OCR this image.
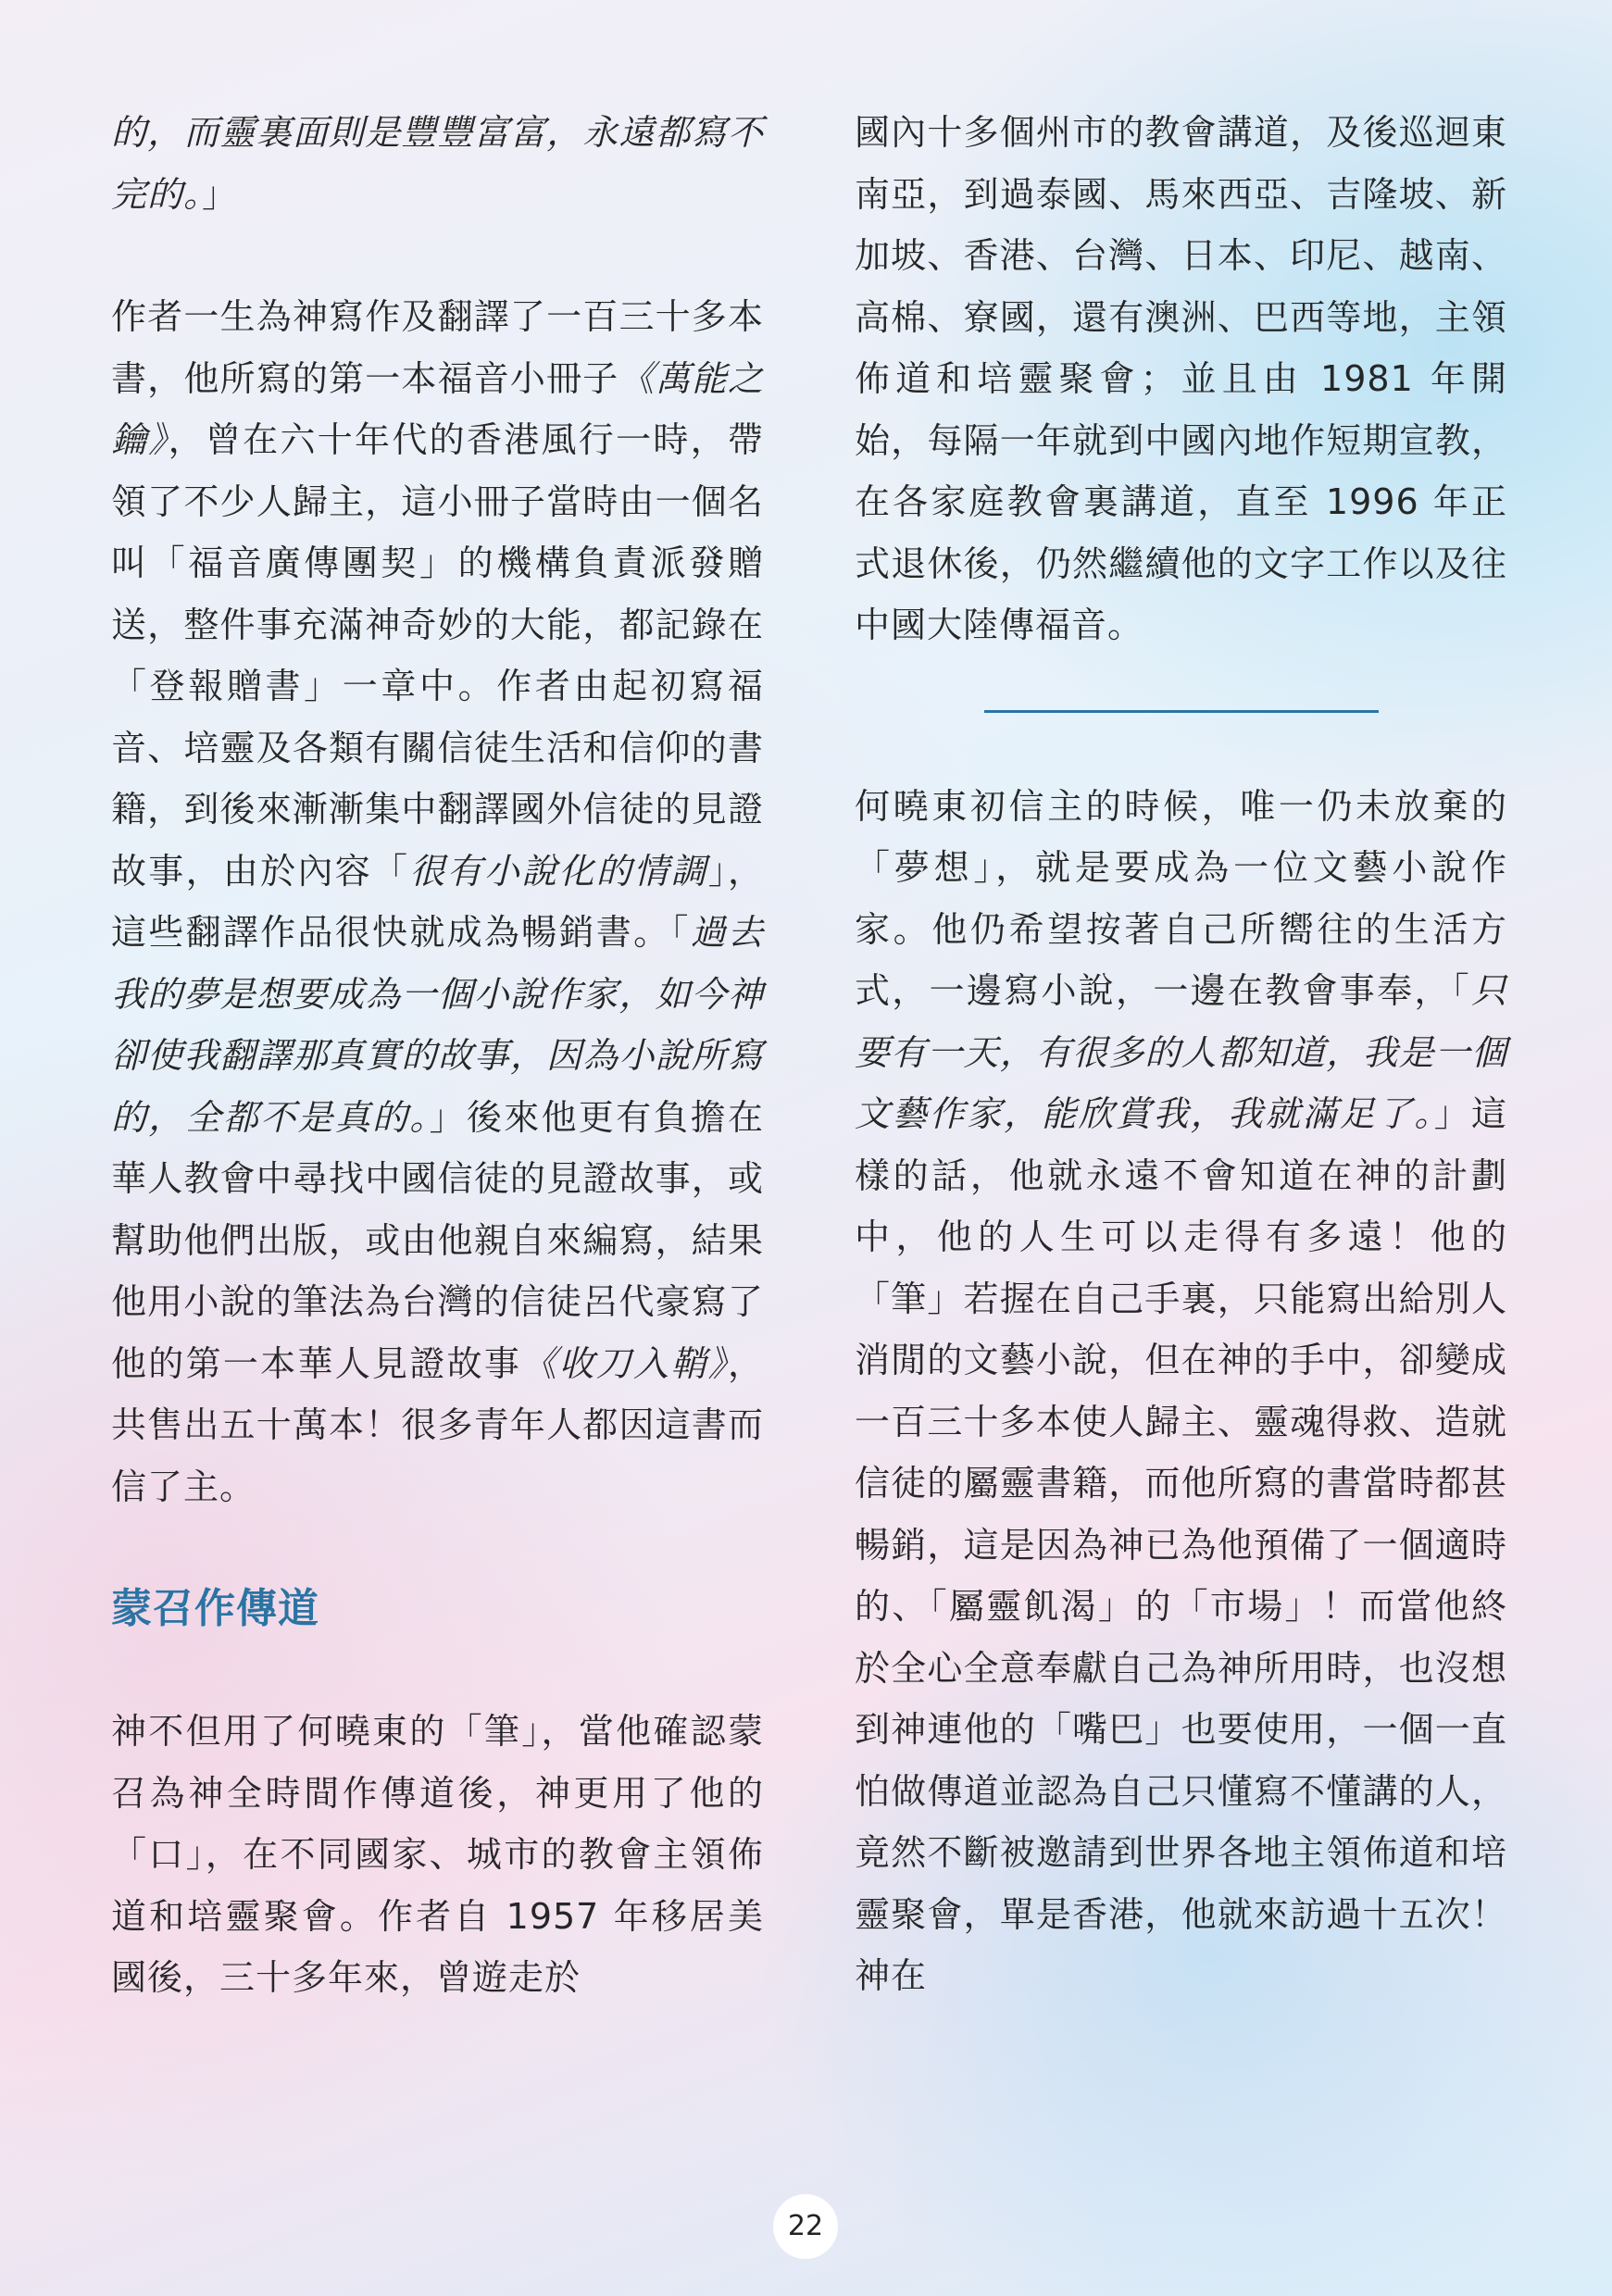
的，而靈裏面則是豐豐富富，永遠都寫不完的。」

作者一生為神寫作及翻譯了一百三十多本書，他所寫的第一本福音小冊子《萬能之鑰》，曾在六十年代的香港風行一時，帶領了不少人歸主，這小冊子當時由一個名叫「福音廣傳團契」的機構負責派發贈送，整件事充滿神奇妙的大能，都記錄在「登報贈書」一章中。作者由起初寫福音、培靈及各類有關信徒生活和信仰的書籍，到後來漸漸集中翻譯國外信徒的見證故事，由於內容「很有小說化的情調」，這些翻譯作品很快就成為暢銷書。「過去我的夢是想要成為一個小說作家，如今神卻使我翻譯那真實的故事，因為小說所寫的，全都不是真的。」後來他更有負擔在華人教會中尋找中國信徒的見證故事，或幫助他們出版，或由他親自來編寫，結果他用小說的筆法為台灣的信徒呂代豪寫了他的第一本華人見證故事《收刀入鞘》，共售出五十萬本！很多青年人都因這書而信了主。

蒙召作傳道

神不但用了何曉東的「筆」，當他確認蒙召為神全時間作傳道後，神更用了他的「口」，在不同國家、城市的教會主領佈道和培靈聚會。作者自 1957 年移居美國後，三十多年來，曾遊走於

國內十多個州市的教會講道，及後巡迴東南亞，到過泰國、馬來西亞、吉隆坡、新加坡、香港、台灣、日本、印尼、越南、高棉、寮國，還有澳洲、巴西等地，主領佈道和培靈聚會；並且由 1981 年開始，每隔一年就到中國內地作短期宣教，在各家庭教會裏講道，直至 1996 年正式退休後，仍然繼續他的文字工作以及往中國大陸傳福音。

何曉東初信主的時候，唯一仍未放棄的「夢想」，就是要成為一位文藝小說作家。他仍希望按著自己所嚮往的生活方式，一邊寫小說，一邊在教會事奉，「只要有一天，有很多的人都知道，我是一個文藝作家，能欣賞我，我就滿足了。」這樣的話，他就永遠不會知道在神的計劃中，他的人生可以走得有多遠！他的「筆」若握在自己手裏，只能寫出給別人消閒的文藝小說，但在神的手中，卻變成一百三十多本使人歸主、靈魂得救、造就信徒的屬靈書籍，而他所寫的書當時都甚暢銷，這是因為神已為他預備了一個適時的、「屬靈飢渴」的「市場」！而當他終於全心全意奉獻自己為神所用時，也沒想到神連他的「嘴巴」也要使用，一個一直怕做傳道並認為自己只懂寫不懂講的人，竟然不斷被邀請到世界各地主領佈道和培靈聚會，單是香港，他就來訪過十五次！神在

22
